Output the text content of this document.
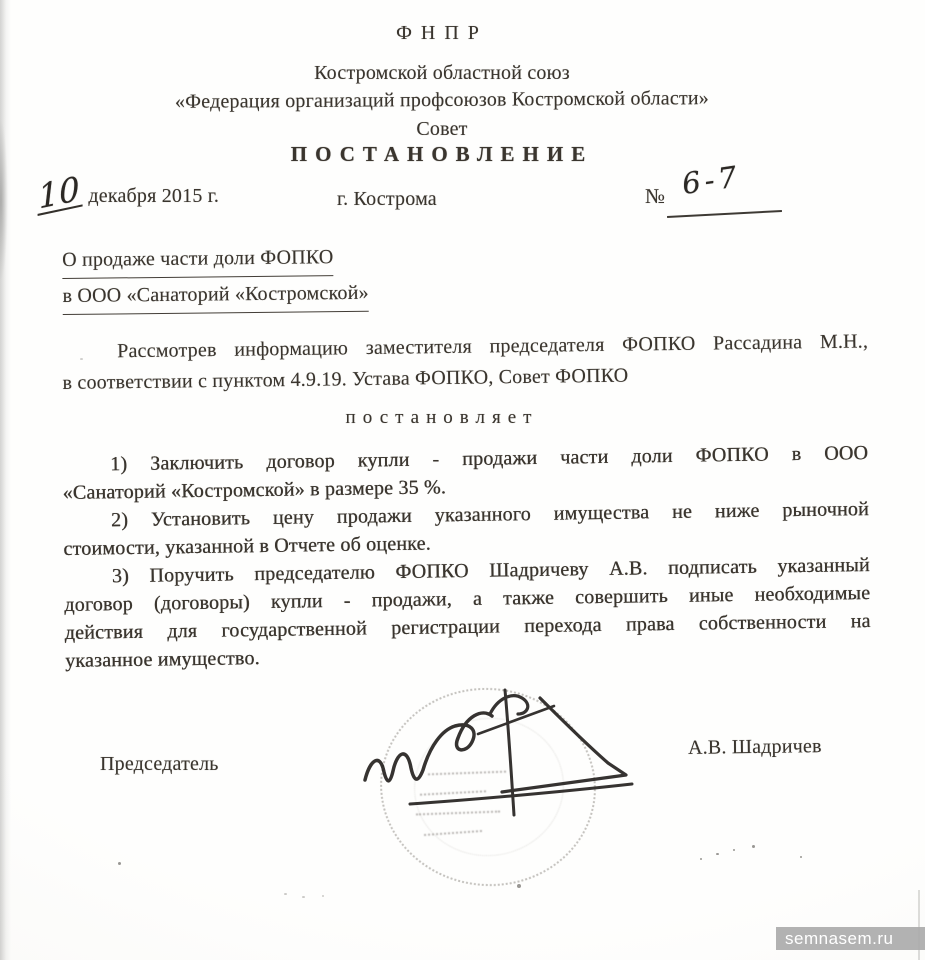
ФНПР
Костромской областной союз
«Федерация организаций профсоюзов Костромской области»
Совет
ПОСТАНОВЛЕНИЕ
10 декабря 2015 г.	г. Кострома	№ 6-7
О продаже части доли ФОПКО
в ООО «Санаторий «Костромской»
Рассмотрев информацию заместителя председателя ФОПКО Рассадина М.Н.,
в соответствии с пунктом 4.9.19. Устава ФОПКО, Совет ФОПКО
постановляет

1) Заключить договор купли - продажи части доли ФОПКО в ООО
«Санаторий «Костромской» в размере 35 %.

2) Установить цену продажи указанного имущества не ниже рыночной
стоимости, указанной в Отчете об оценке.

3) Поручить председателю ФОПКО Шадричеву А.В. подписать указанный
договор (договоры) купли - продажи, а также совершить иные необходимые
действия для государственной регистрации перехода права собственности на
указанное имущество.

Председатель
А.В. Шадричев
semnasem.ru
